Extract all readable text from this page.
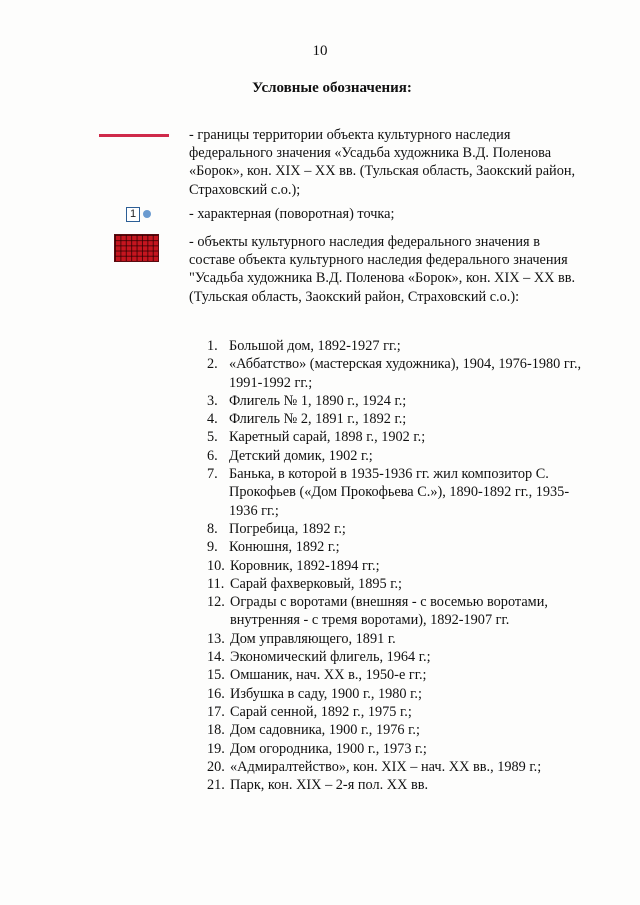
10
Условные обозначения:
- границы территории объекта культурного наследия федерального значения «Усадьба художника В.Д. Поленова «Борок», кон. XIX – XX вв. (Тульская область, Заокский район, Страховский с.о.);
1	- характерная (поворотная) точка;
- объекты культурного наследия федерального значения в составе объекта культурного наследия федерального значения "Усадьба художника В.Д. Поленова «Борок», кон. XIX – XX вв. (Тульская область, Заокский район, Страховский с.о.):
1. Большой дом, 1892-1927 гг.;
2. «Аббатство» (мастерская художника), 1904, 1976-1980 гг., 1991-1992 гг.;
3. Флигель № 1, 1890 г., 1924 г.;
4. Флигель № 2, 1891 г., 1892 г.;
5. Каретный сарай, 1898 г., 1902 г.;
6. Детский домик, 1902 г.;
7. Банька, в которой в 1935-1936 гг. жил композитор С. Прокофьев («Дом Прокофьева С.»), 1890-1892 гг., 1935-1936 гг.;
8. Погребица, 1892 г.;
9. Конюшня, 1892 г.;
10. Коровник, 1892-1894 гг.;
11. Сарай фахверковый, 1895 г.;
12. Ограды с воротами (внешняя - с восемью воротами, внутренняя - с тремя воротами), 1892-1907 гг.
13. Дом управляющего, 1891 г.
14. Экономический флигель, 1964 г.;
15. Омшаник, нач. XX в., 1950-е гг.;
16. Избушка в саду, 1900 г., 1980 г.;
17. Сарай сенной, 1892 г., 1975 г.;
18. Дом садовника, 1900 г., 1976 г.;
19. Дом огородника, 1900 г., 1973 г.;
20. «Адмиралтейство», кон. XIX – нач. XX вв., 1989 г.;
21. Парк, кон. XIX – 2-я пол. XX вв.
